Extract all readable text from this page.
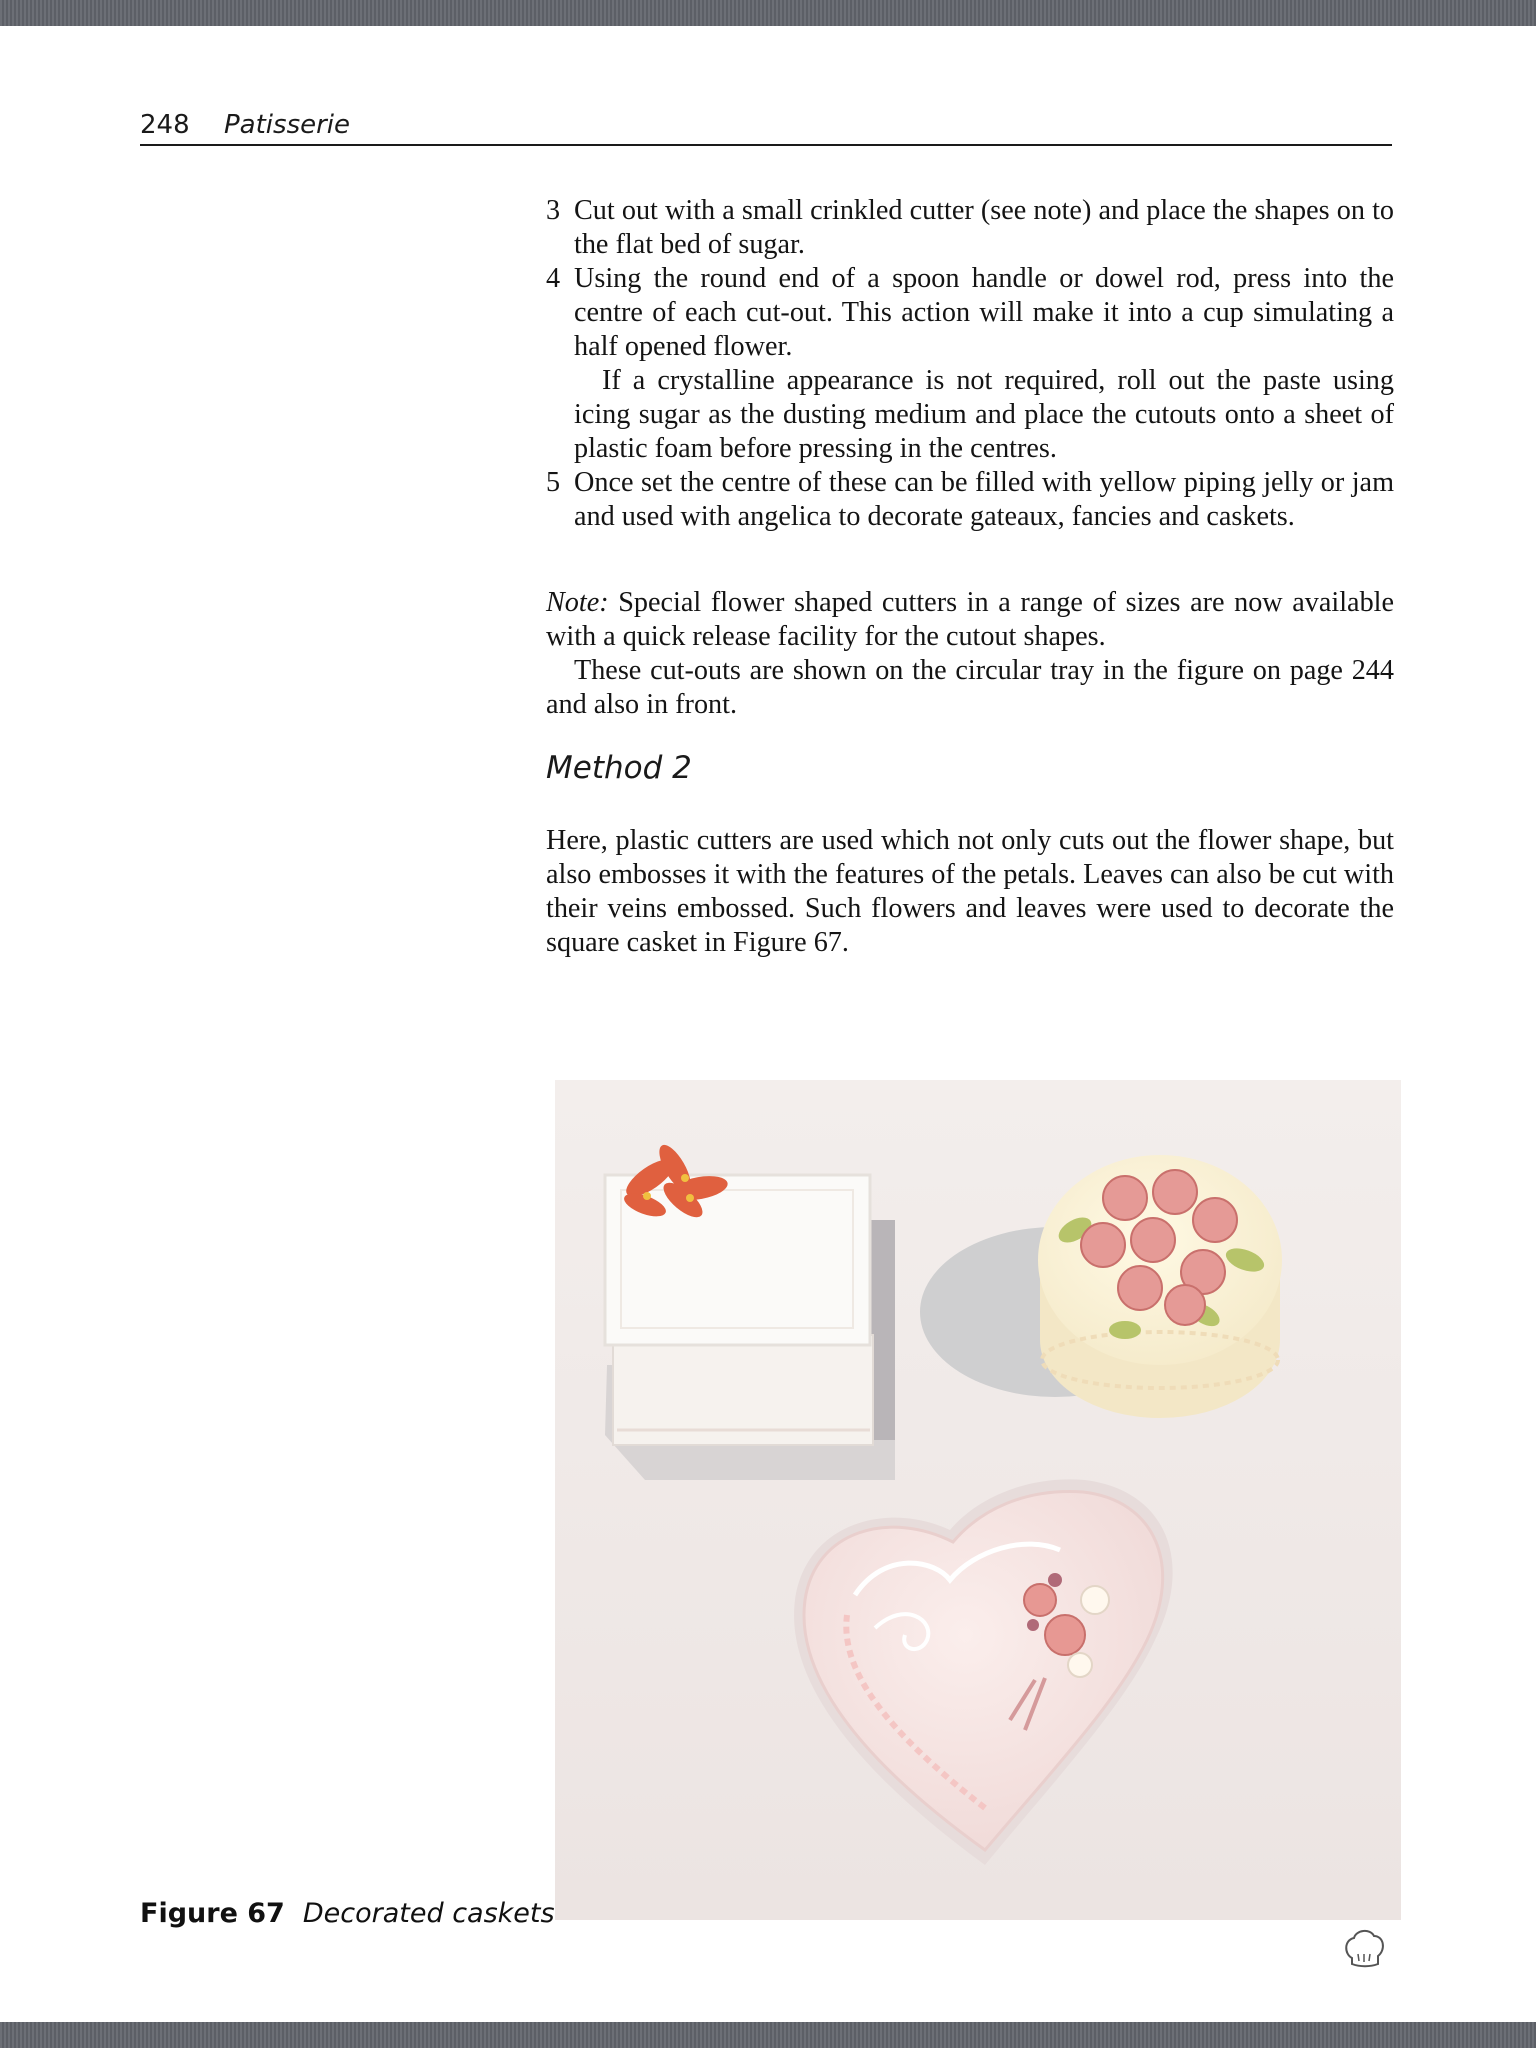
248 Patisserie
3 Cut out with a small crinkled cutter (see note) and place the shapes on to the flat bed of sugar.

4 Using the round end of a spoon handle or dowel rod, press into the centre of each cut-out. This action will make it into a cup simulating a half opened flower.

If a crystalline appearance is not required, roll out the paste using icing sugar as the dusting medium and place the cutouts onto a sheet of plastic foam before pressing in the centres.

5 Once set the centre of these can be filled with yellow piping jelly or jam and used with angelica to decorate gateaux, fancies and caskets.

Note: Special flower shaped cutters in a range of sizes are now available with a quick release facility for the cutout shapes.

These cut-outs are shown on the circular tray in the figure on page 244 and also in front.

Method 2

Here, plastic cutters are used which not only cuts out the flower shape, but also embosses it with the features of the petals. Leaves can also be cut with their veins embossed. Such flowers and leaves were used to decorate the square casket in Figure 67.

Figure 67 Decorated caskets
